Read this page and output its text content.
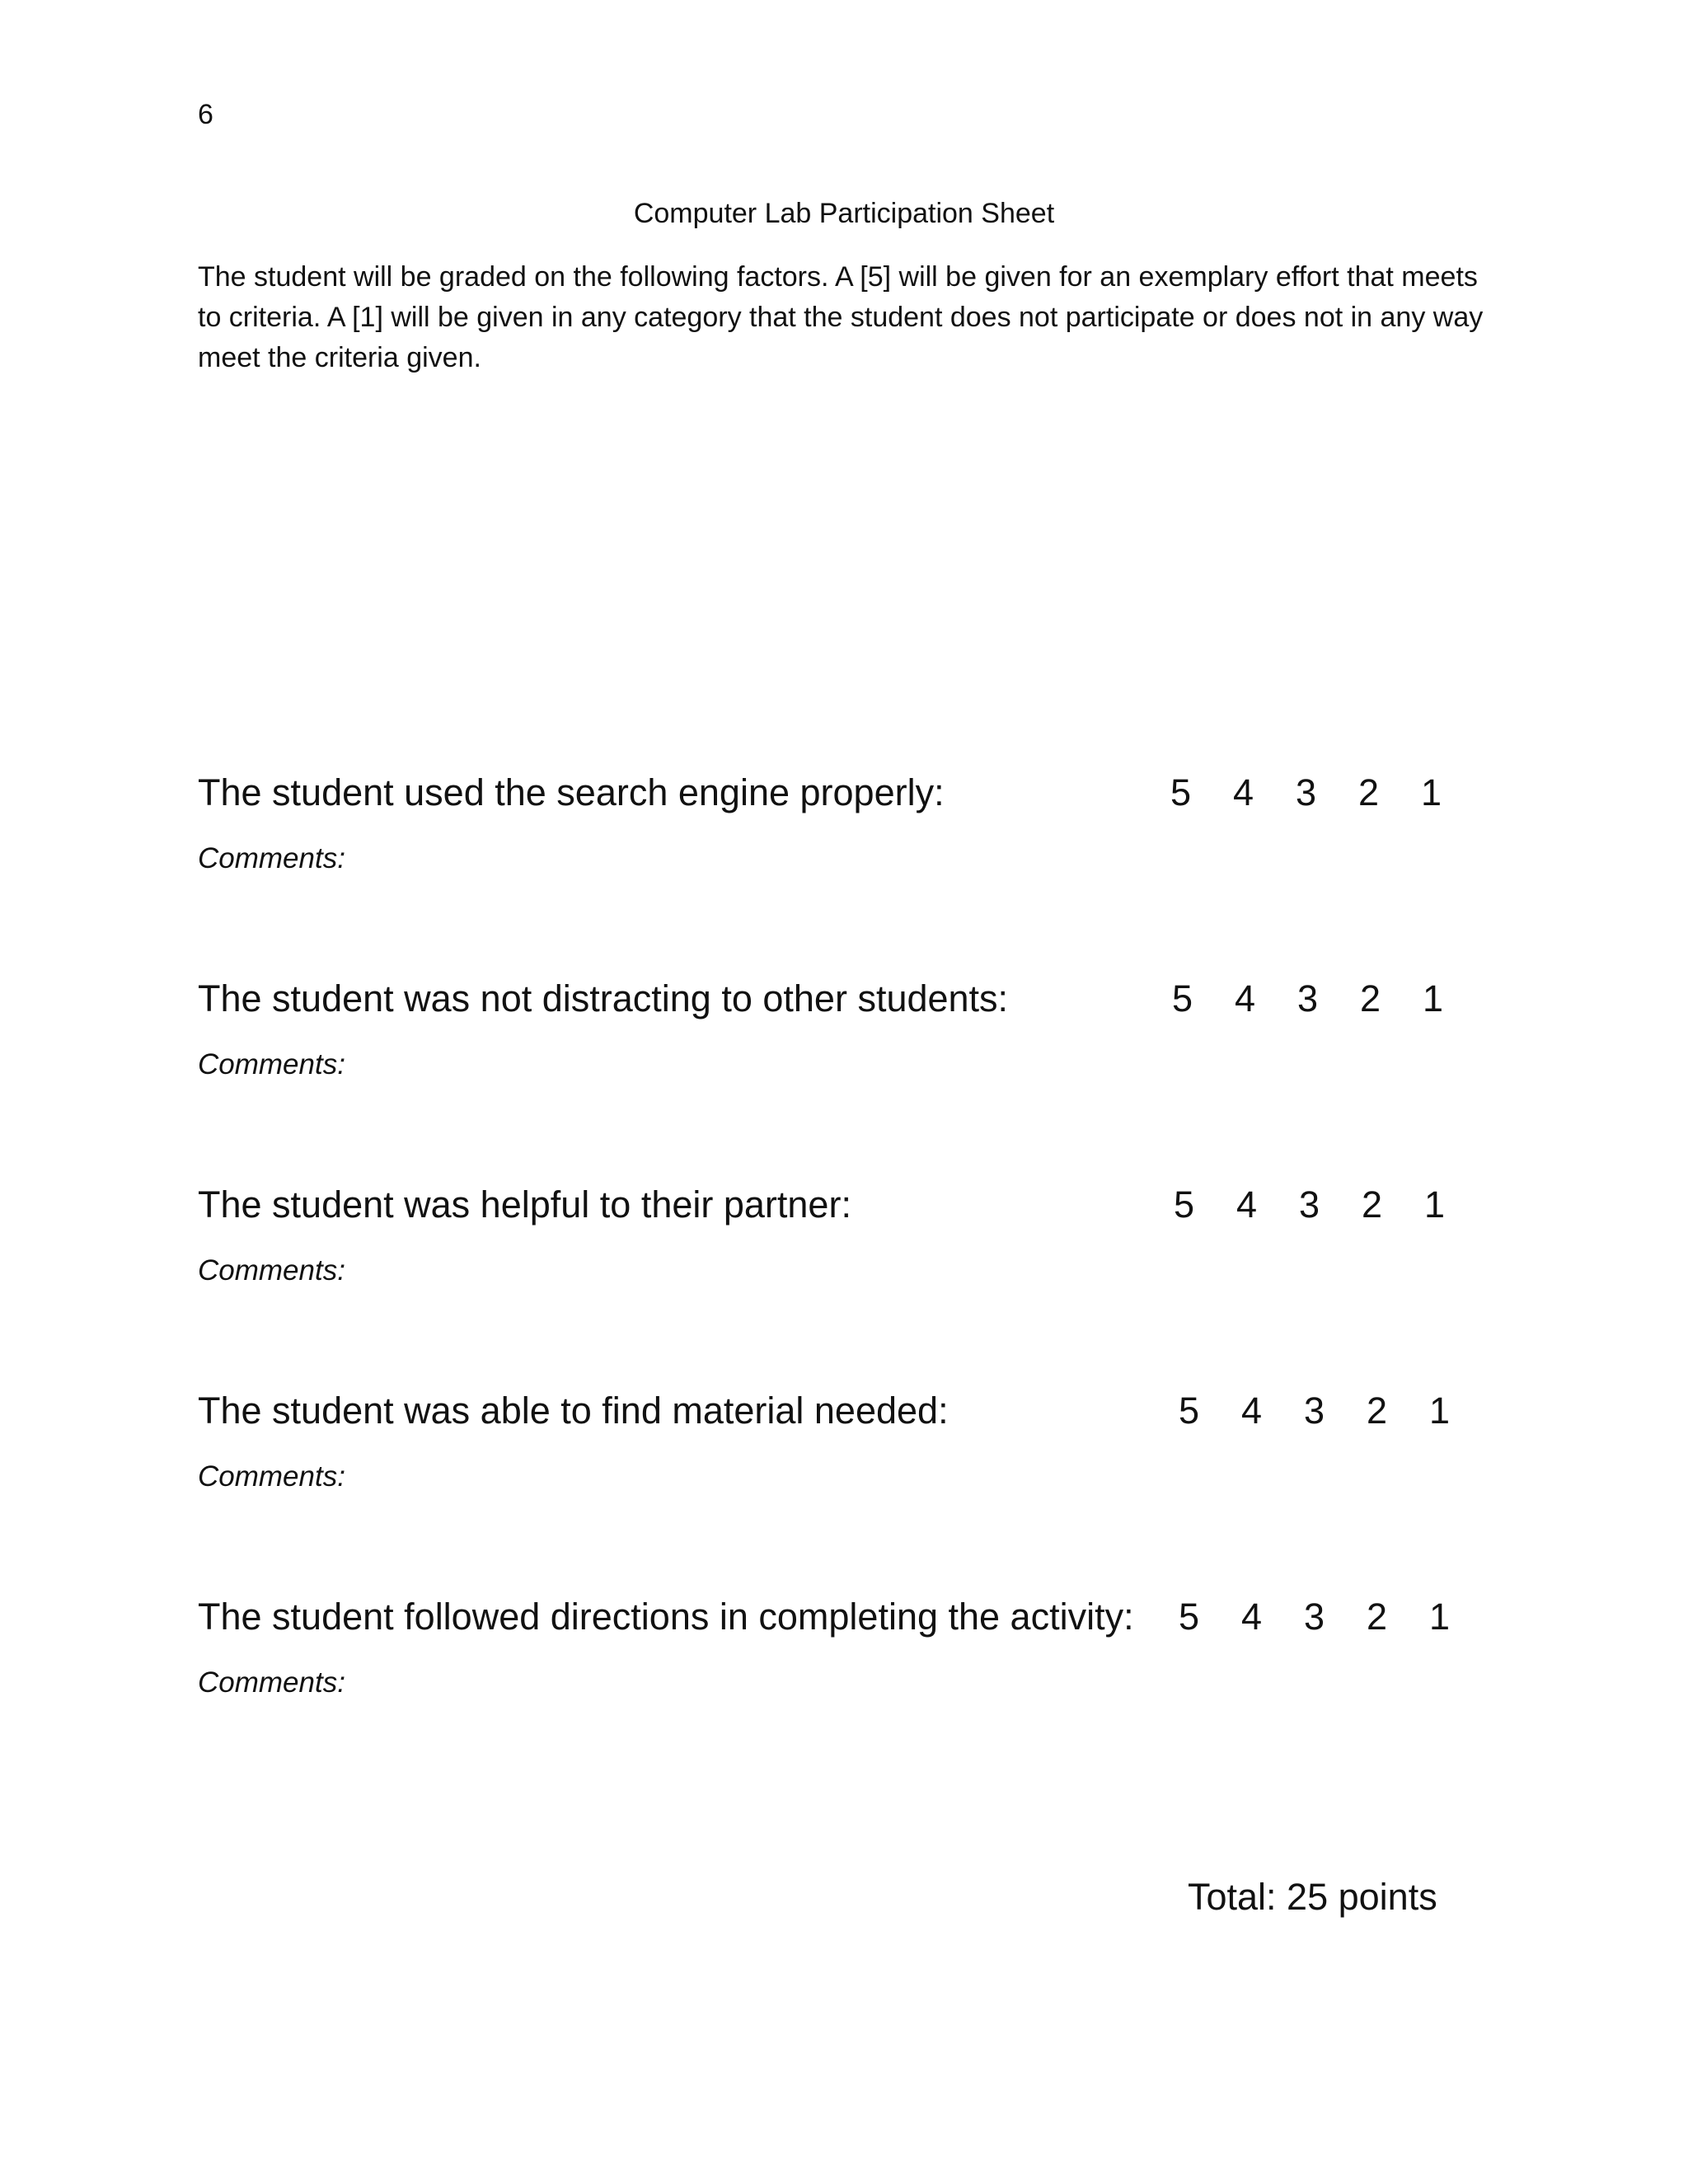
6
Computer Lab Participation Sheet
The student will be graded on the following factors. A [5] will be given for an exemplary effort that meets to criteria. A [1] will be given in any category that the student does not participate or does not in any way meet the criteria given.
The student used the search engine properly:	5	4	3	2	1
Comments:
The student was not distracting to other students:	5	4	3	2	1
Comments:
The student was helpful to their partner:	5	4	3	2	1
Comments:
The student was able to find material needed:	5	4	3	2	1
Comments:
The student followed directions in completing the activity: 5	4	3	2	1
Comments:
Total: 25 points
